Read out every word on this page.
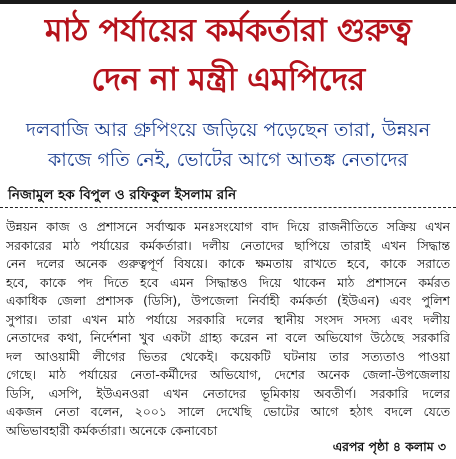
মাঠ পর্যায়ের কর্মকর্তারা গুরুত্ব
দেন না মন্ত্রী এমপিদের
দলবাজি আর গ্রুপিংয়ে জড়িয়ে পড়েছেন তারা, উন্নয়ন
কাজে গতি নেই, ভোটের আগে আতঙ্ক নেতাদের
নিজামুল হক বিপুল ও রফিকুল ইসলাম রনি
উন্নয়ন কাজ ও প্রশাসনে সর্বাত্মক মনঃসংযোগ বাদ দিয়ে রাজনীতিতে সক্রিয় এখন
সরকারের মাঠ পর্যায়ের কর্মকর্তারা। দলীয় নেতাদের ছাপিয়ে তারাই এখন সিদ্ধান্ত
নেন দলের অনেক গুরুত্বপূর্ণ বিষয়ে। কাকে ক্ষমতায় রাখতে হবে, কাকে সরাতে
হবে, কাকে পদ দিতে হবে এমন সিদ্ধান্তও দিয়ে থাকেন মাঠ প্রশাসনে কর্মরত
একাধিক জেলা প্রশাসক (ডিসি), উপজেলা নির্বাহী কর্মকর্তা (ইউএন) এবং পুলিশ
সুপার। তারা এখন মাঠ পর্যায়ে সরকারি দলের স্থানীয় সংসদ সদস্য এবং দলীয়
নেতাদের কথা, নির্দেশনা খুব একটা গ্রাহ্য করেন না বলে অভিযোগ উঠেছে সরকারি
দল আওয়ামী লীগের ভিতর থেকেই। কয়েকটি ঘটনায় তার সত্যতাও পাওয়া
গেছে। মাঠ পর্যায়ের নেতা-কর্মীদের অভিযোগ, দেশের অনেক জেলা-উপজেলায়
ডিসি, এসপি, ইউএনওরা এখন নেতাদের ভূমিকায় অবতীর্ণ। সরকারি দলের
একজন নেতা বলেন, ২০০১ সালে দেখেছি ভোটের আগে হঠাৎ বদলে যেতে
অভিভাবহারী কর্মকর্তারা। অনেকে কেনাবেচা
এরপর পৃষ্ঠা ৪ কলাম ৩
